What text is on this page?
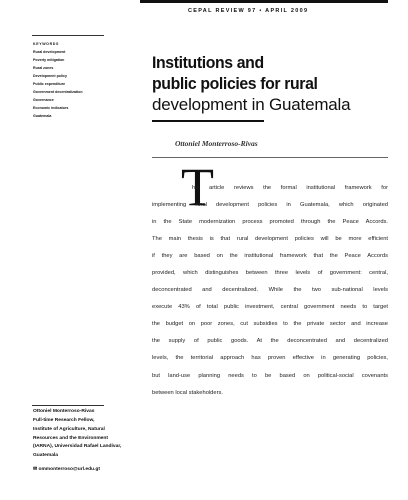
CEPAL REVIEW 97 • APRIL 2009
KEYWORDS
Rural development
Poverty mitigation
Rural zones
Development policy
Public expenditure
Government decentralization
Governance
Economic indicators
Guatemala
Institutions and
public policies for rural
development in Guatemala
Ottoniel Monterroso-Rivas
T
his article reviews the formal institutional framework for
implementing rural development policies in Guatemala, which originated
in the State modernization process promoted through the Peace Accords.
The main thesis is that rural development policies will be more efficient
if they are based on the institutional framework that the Peace Accords
provided, which distinguishes between three levels of government: central,
deconcentrated and decentralized. While the two sub-national levels
execute 43% of total public investment, central government needs to target
the budget on poor zones, cut subsidies to the private sector and increase
the supply of public goods. At the deconcentrated and decentralized
levels, the territorial approach has proven effective in generating policies,
but land-use planning needs to be based on political-social covenants
between local stakeholders.
Ottoniel Monterroso-Rivas
Full-time Research Fellow,
Institute of Agriculture, Natural
Resources and the Environment
(IARNA), Universidad Rafael Landívar,
Guatemala
✉ ommonterroso@url.edu.gt
